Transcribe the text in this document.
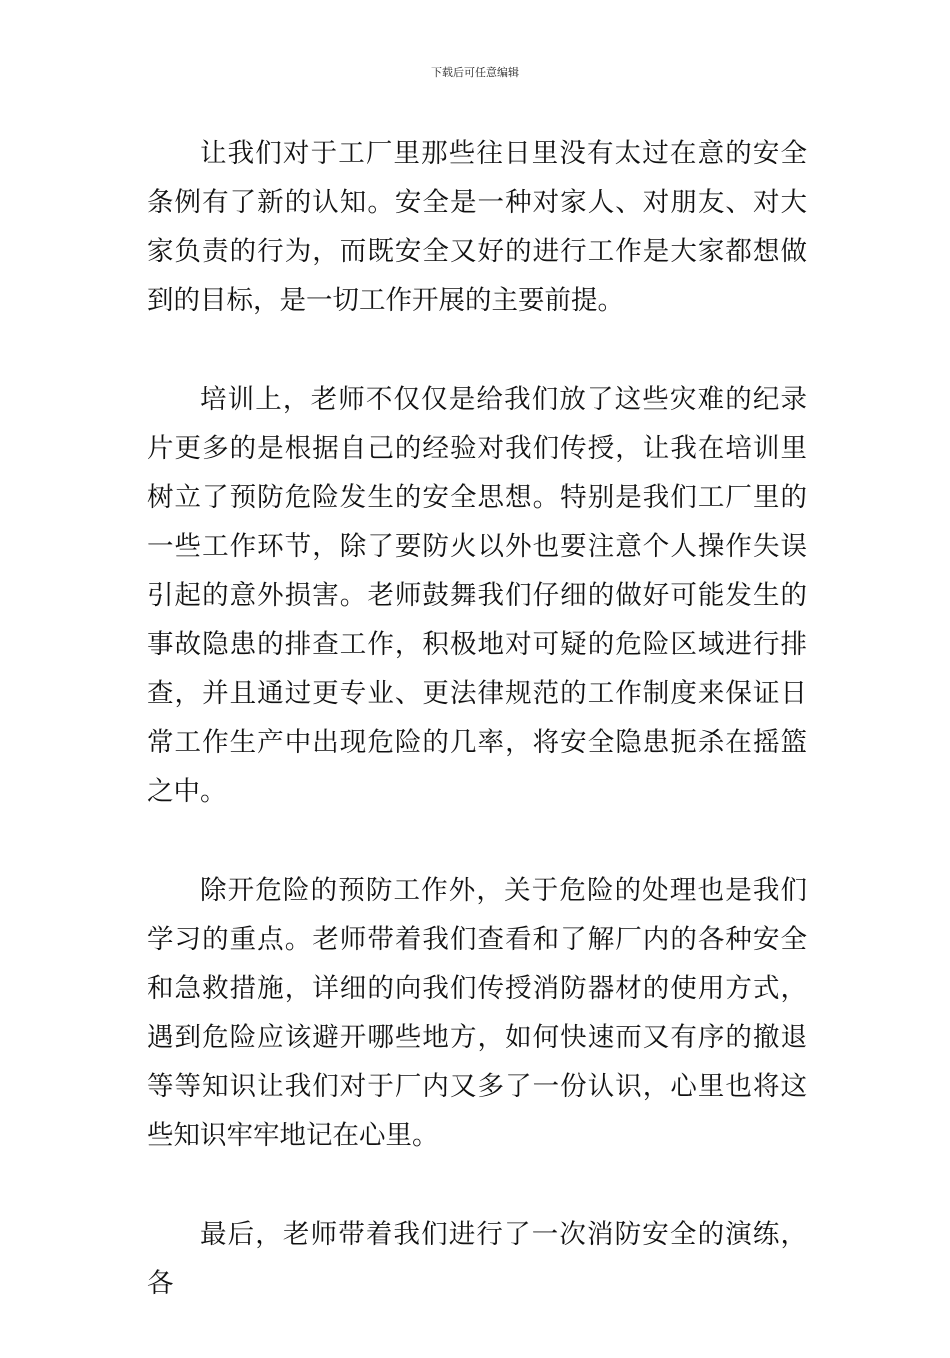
下载后可任意编辑

让我们对于工厂里那些往日里没有太过在意的安全条例有了新的认知。安全是一种对家人、对朋友、对大家负责的行为，而既安全又好的进行工作是大家都想做到的目标，是一切工作开展的主要前提。

培训上，老师不仅仅是给我们放了这些灾难的纪录片更多的是根据自己的经验对我们传授，让我在培训里树立了预防危险发生的安全思想。特别是我们工厂里的一些工作环节，除了要防火以外也要注意个人操作失误引起的意外损害。老师鼓舞我们仔细的做好可能发生的事故隐患的排查工作，积极地对可疑的危险区域进行排查，并且通过更专业、更法律规范的工作制度来保证日常工作生产中出现危险的几率，将安全隐患扼杀在摇篮之中。

除开危险的预防工作外，关于危险的处理也是我们学习的重点。老师带着我们查看和了解厂内的各种安全和急救措施，详细的向我们传授消防器材的使用方式，遇到危险应该避开哪些地方，如何快速而又有序的撤退等等知识让我们对于厂内又多了一份认识，心里也将这些知识牢牢地记在心里。

最后，老师带着我们进行了一次消防安全的演练，各
